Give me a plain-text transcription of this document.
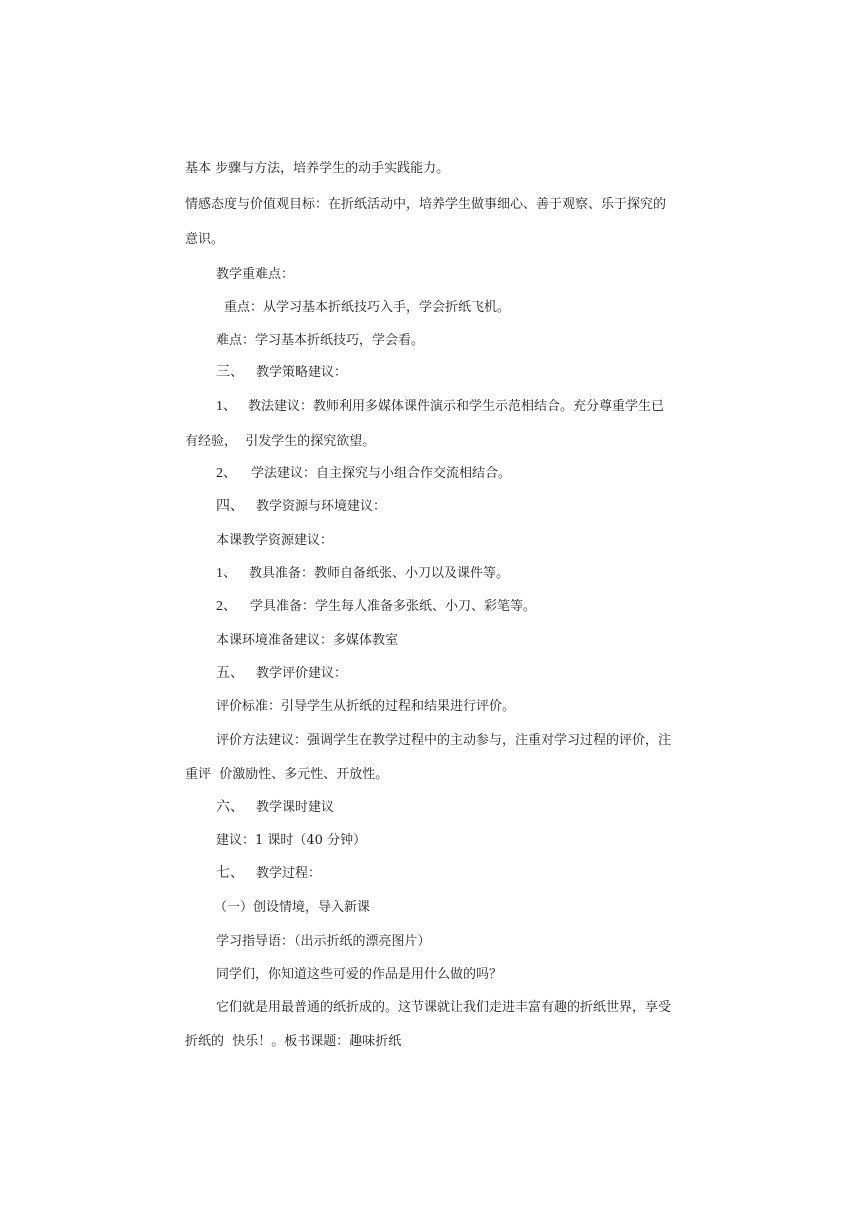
基本 步骤与方法，培养学生的动手实践能力。
情感态度与价值观目标：在折纸活动中，培养学生做事细心、善于观察、乐于探究的
意识。
教学重难点：
重点：从学习基本折纸技巧入手，学会折纸飞机。
难点：学习基本折纸技巧，学会看。
三、 教学策略建议：
1、 教法建议：教师利用多媒体课件演示和学生示范相结合。充分尊重学生已
有经验，  引发学生的探究欲望。
2、 学法建议：自主探究与小组合作交流相结合。
四、 教学资源与环境建议：
本课教学资源建议：
1、 教具准备：教师自备纸张、小刀以及课件等。
2、 学具准备：学生每人准备多张纸、小刀、彩笔等。
本课环境准备建议：多媒体教室
五、 教学评价建议：
评价标准：引导学生从折纸的过程和结果进行评价。
评价方法建议：强调学生在教学过程中的主动参与，注重对学习过程的评价，注
重评  价激励性、多元性、开放性。
六、 教学课时建议
建议：1 课时（40 分钟）
七、 教学过程：
（一）创设情境，导入新课
学习指导语：（出示折纸的漂亮图片）
同学们，你知道这些可爱的作品是用什么做的吗？
它们就是用最普通的纸折成的。这节课就让我们走进丰富有趣的折纸世界，享受
折纸的  快乐！。板书课题：趣味折纸
